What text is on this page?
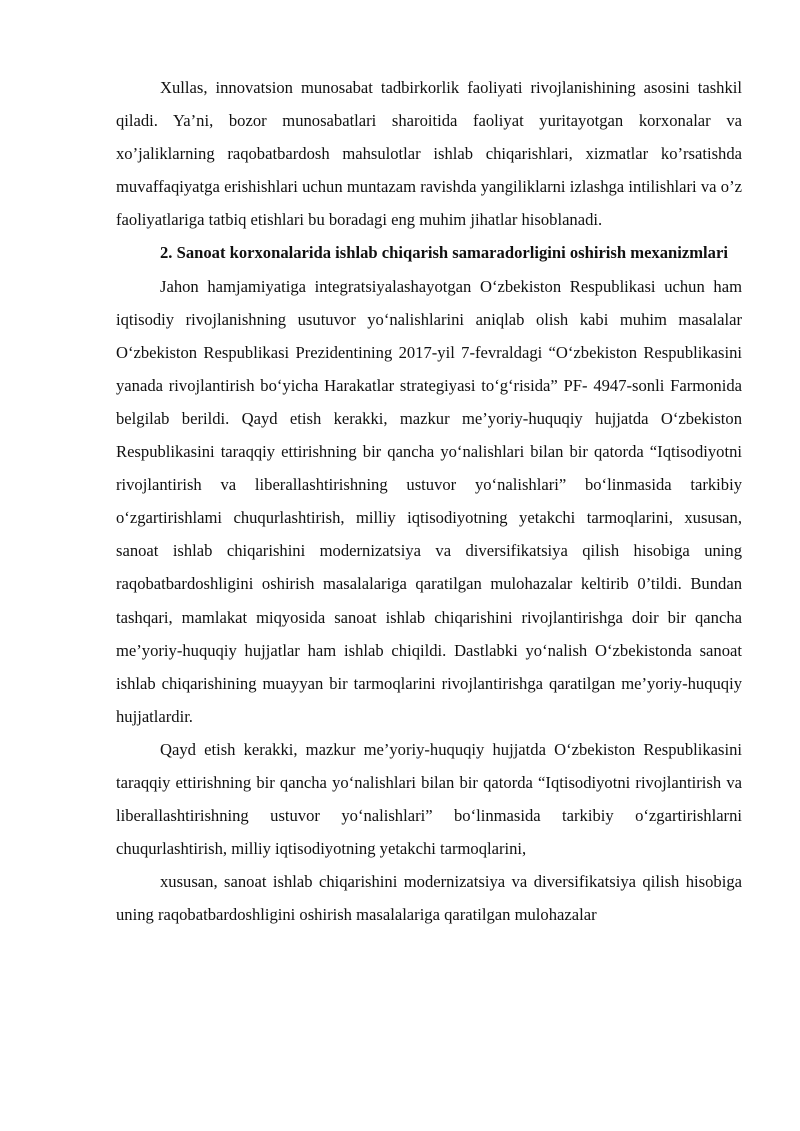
Xullas, innovatsion munosabat tadbirkorlik faoliyati rivojlanishining asosini tashkil qiladi. Ya’ni, bozor munosabatlari sharoitida faoliyat yuritayotgan korxonalar va xo’jaliklarning raqobatbardosh mahsulotlar ishlab chiqarishlari, xizmatlar ko’rsatishda muvaffaqiyatga erishishlari uchun muntazam ravishda yangiliklarni izlashga intilishlari va o’z faoliyatlariga tatbiq etishlari bu boradagi eng muhim jihatlar hisoblanadi.

2. Sanoat korxonalarida ishlab chiqarish samaradorligini oshirish mexanizmlari

Jahon hamjamiyatiga integratsiyalashayotgan O‘zbekiston Respublikasi uchun ham iqtisodiy rivojlanishning usutuvor yo‘nalishlarini aniqlab olish kabi muhim masalalar O‘zbekiston Respublikasi Prezidentining 2017-yil 7-fevraldagi “O‘zbekiston Respublikasini yanada rivojlantirish bo‘yicha Harakatlar strategiyasi to‘g‘risida” PF- 4947-sonli Farmonida belgilab berildi. Qayd etish kerakki, mazkur me’yoriy-huquqiy hujjatda O‘zbekiston Respublikasini taraqqiy ettirishning bir qancha yo‘nalishlari bilan bir qatorda “Iqtisodiyotni rivojlantirish va liberallashtirishning ustuvor yo‘nalishlari” bo‘linmasida tarkibiy o‘zgartirishlami chuqurlashtirish, milliy iqtisodiyotning yetakchi tarmoqlarini, xususan, sanoat ishlab chiqarishini modernizatsiya va diversifikatsiya qilish hisobiga uning raqobatbardoshligini oshirish masalalariga qaratilgan mulohazalar keltirib 0’tildi. Bundan tashqari, mamlakat miqyosida sanoat ishlab chiqarishini rivojlantirishga doir bir qancha me’yoriy-huquqiy hujjatlar ham ishlab chiqildi. Dastlabki yo‘nalish O‘zbekistonda sanoat ishlab chiqarishining muayyan bir tarmoqlarini rivojlantirishga qaratilgan me’yoriy-huquqiy hujjatlardir.

Qayd etish kerakki, mazkur me’yoriy-huquqiy hujjatda O‘zbekiston Respublikasini taraqqiy ettirishning bir qancha yo‘nalishlari bilan bir qatorda “Iqtisodiyotni rivojlantirish va liberallashtirishning ustuvor yo‘nalishlari” bo‘linmasida tarkibiy o‘zgartirishlarni chuqurlashtirish, milliy iqtisodiyotning yetakchi tarmoqlarini,

xususan, sanoat ishlab chiqarishini modernizatsiya va diversifikatsiya qilish hisobiga uning raqobatbardoshligini oshirish masalalariga qaratilgan mulohazalar
